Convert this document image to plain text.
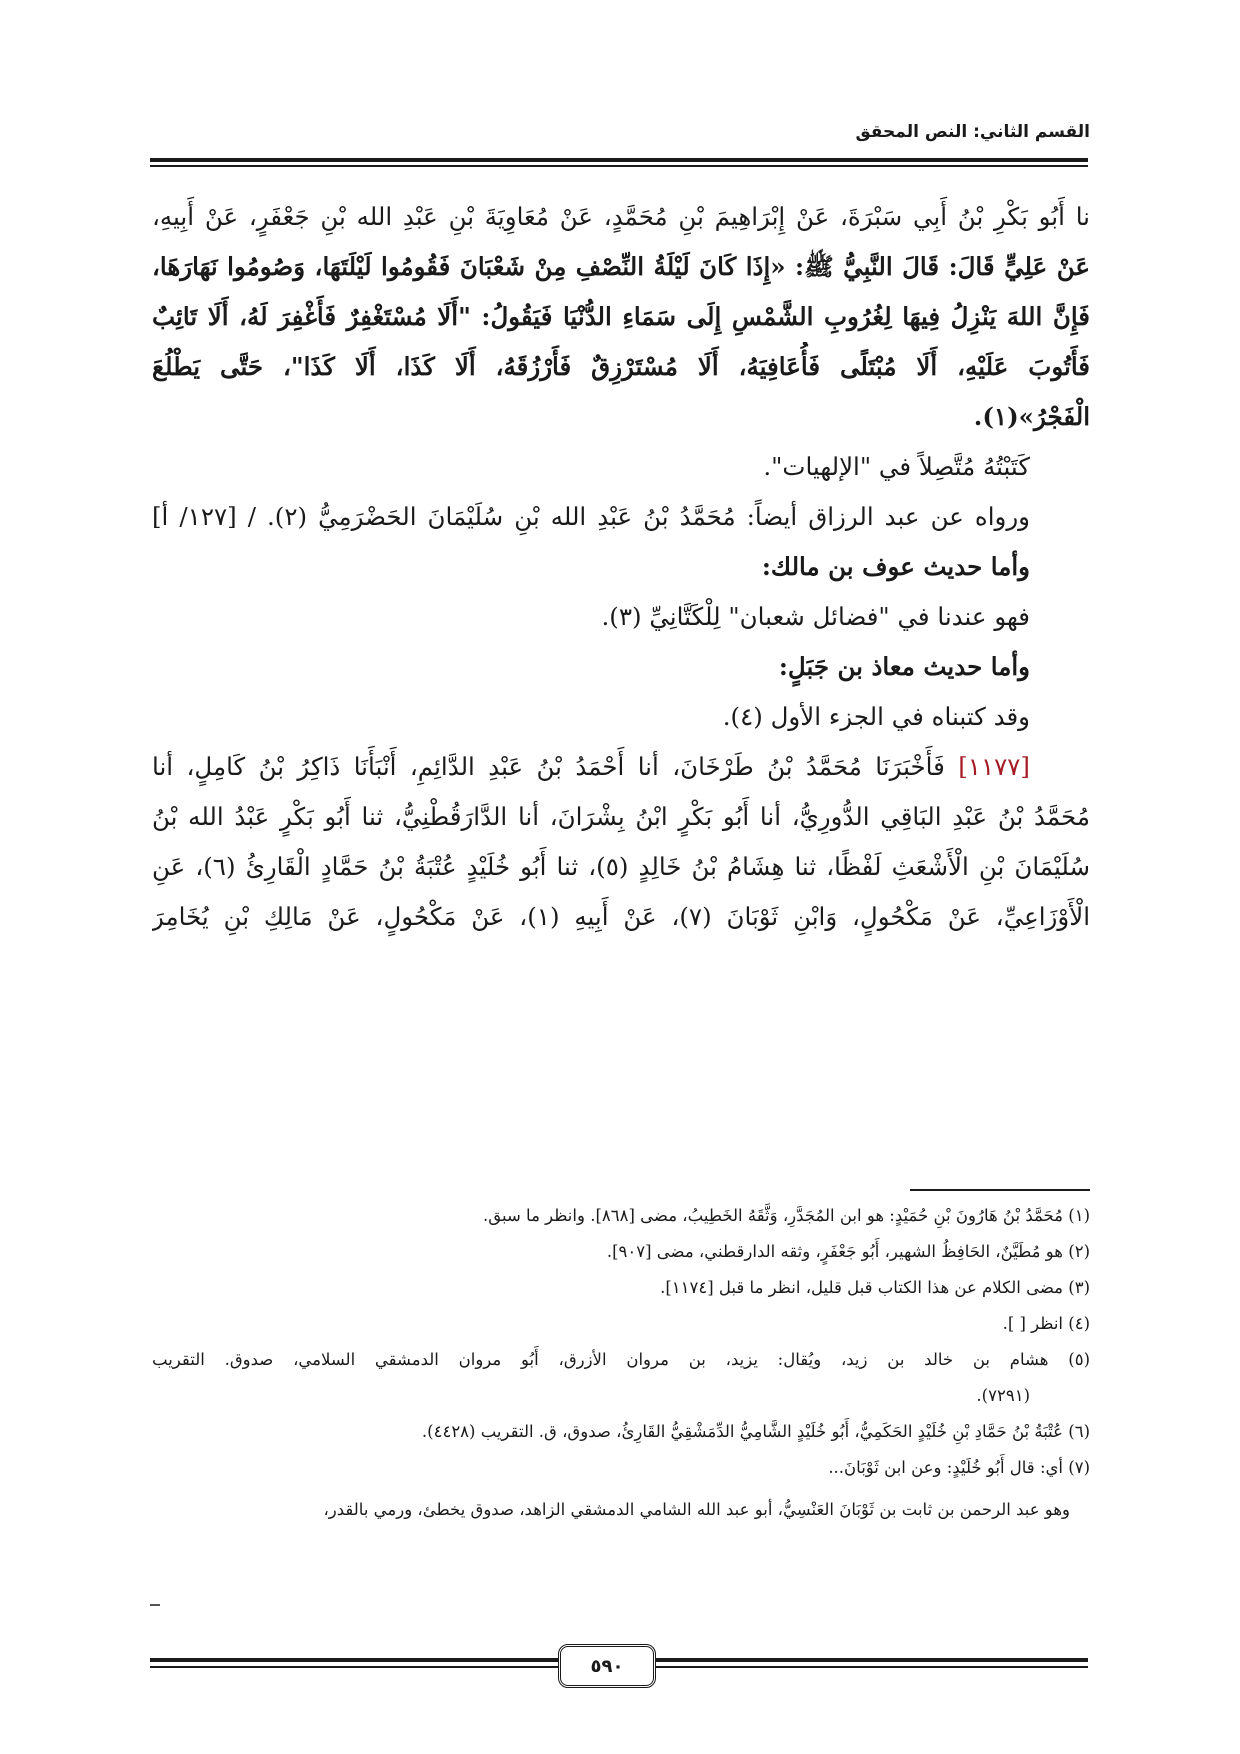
القسم الثاني: النص المحقق
نا أَبُو بَكْرِ بْنُ أَبِي سَبْرَةَ، عَنْ إِبْرَاهِيمَ بْنِ مُحَمَّدٍ، عَنْ مُعَاوِيَةَ بْنِ عَبْدِ الله بْنِ جَعْفَرٍ، عَنْ أَبِيهِ،
عَنْ عَلِيٍّ قَالَ: قَالَ النَّبِيُّ ﷺ: «إِذَا كَانَ لَيْلَةُ النِّصْفِ مِنْ شَعْبَانَ فَقُومُوا لَيْلَتَهَا، وَصُومُوا نَهَارَهَا،
فَإِنَّ اللهَ يَنْزِلُ فِيهَا لِغُرُوبِ الشَّمْسِ إِلَى سَمَاءِ الدُّنْيَا فَيَقُولُ: "أَلَا مُسْتَغْفِرٌ فَأَغْفِرَ لَهُ، أَلَا تَائِبٌ
فَأَتُوبَ عَلَيْهِ، أَلَا مُبْتَلًى فَأُعَافِيَهُ، أَلَا مُسْتَرْزِقٌ فَأَرْزُقَهُ، أَلَا كَذَا، أَلَا كَذَا"، حَتَّى يَطْلُعَ
الْفَجْرُ»(١).
كَتَبْتُهُ مُتَّصِلاً في "الإلهيات".
ورواه عن عبد الرزاق أيضاً: مُحَمَّدُ بْنُ عَبْدِ الله بْنِ سُلَيْمَانَ الحَضْرَمِيُّ (٢). / [١٢٧/ أ]
وأما حديث عوف بن مالك:
فهو عندنا في "فضائل شعبان" لِلْكَتَّانِيِّ (٣).
وأما حديث معاذ بن جَبَلٍ:
وقد كتبناه في الجزء الأول (٤).
[١١٧٧] فَأَخْبَرَنَا مُحَمَّدُ بْنُ طَرْخَانَ، أنا أَحْمَدُ بْنُ عَبْدِ الدَّائِمِ، أَنْبَأَنَا ذَاكِرُ بْنُ كَامِلٍ، أنا
مُحَمَّدُ بْنُ عَبْدِ البَاقِي الدُّورِيُّ، أنا أَبُو بَكْرٍ ابْنُ بِشْرَانَ، أنا الدَّارَقُطْنِيُّ، ثنا أَبُو بَكْرٍ عَبْدُ الله بْنُ
سُلَيْمَانَ بْنِ الْأَشْعَثِ لَفْظًا، ثنا هِشَامُ بْنُ خَالِدٍ (٥)، ثنا أَبُو خُلَيْدٍ عُتْبَةُ بْنُ حَمَّادٍ الْقَارِئُ (٦)، عَنِ
الْأَوْزَاعِيِّ، عَنْ مَكْحُولٍ، وَابْنِ ثَوْبَانَ (٧)، عَنْ أَبِيهِ (١)، عَنْ مَكْحُولٍ، عَنْ مَالِكِ بْنِ يُخَامِرَ
(١) مُحَمَّدُ بْنُ هَارُونَ بْنِ حُمَيْدٍ: هو ابن المُجَدَّرِ، وَثَّقَهُ الخَطِيبُ، مضى [٨٦٨]. وانظر ما سبق.
(٢) هو مُطَيَّنٌ، الحَافِظُ الشهير، أَبُو جَعْفَرٍ، وثقه الدارقطني، مضى [٩٠٧].
(٣) مضى الكلام عن هذا الكتاب قبل قليل، انظر ما قبل [١١٧٤].
(٤) انظر [ ].
(٥) هشام بن خالد بن زيد، ويُقال: يزيد، بن مروان الأزرق، أَبُو مروان الدمشقي السلامي، صدوق. التقريب
(٧٢٩١).
(٦) عُتْبَةُ بْنُ حَمَّادِ بْنِ خُلَيْدٍ الحَكَمِيُّ، أَبُو خُلَيْدٍ الشَّامِيُّ الدِّمَشْقِيُّ القَارِئُ، صدوق، ق. التقريب (٤٤٢٨).
(٧) أي: قال أَبُو خُلَيْدٍ: وعن ابن ثَوْبَانَ...
وهو عبد الرحمن بن ثابت بن ثَوْبَانَ العَنْسِيُّ، أبو عبد الله الشامي الدمشقي الزاهد، صدوق يخطئ، ورمي بالقدر،
٥٩٠
